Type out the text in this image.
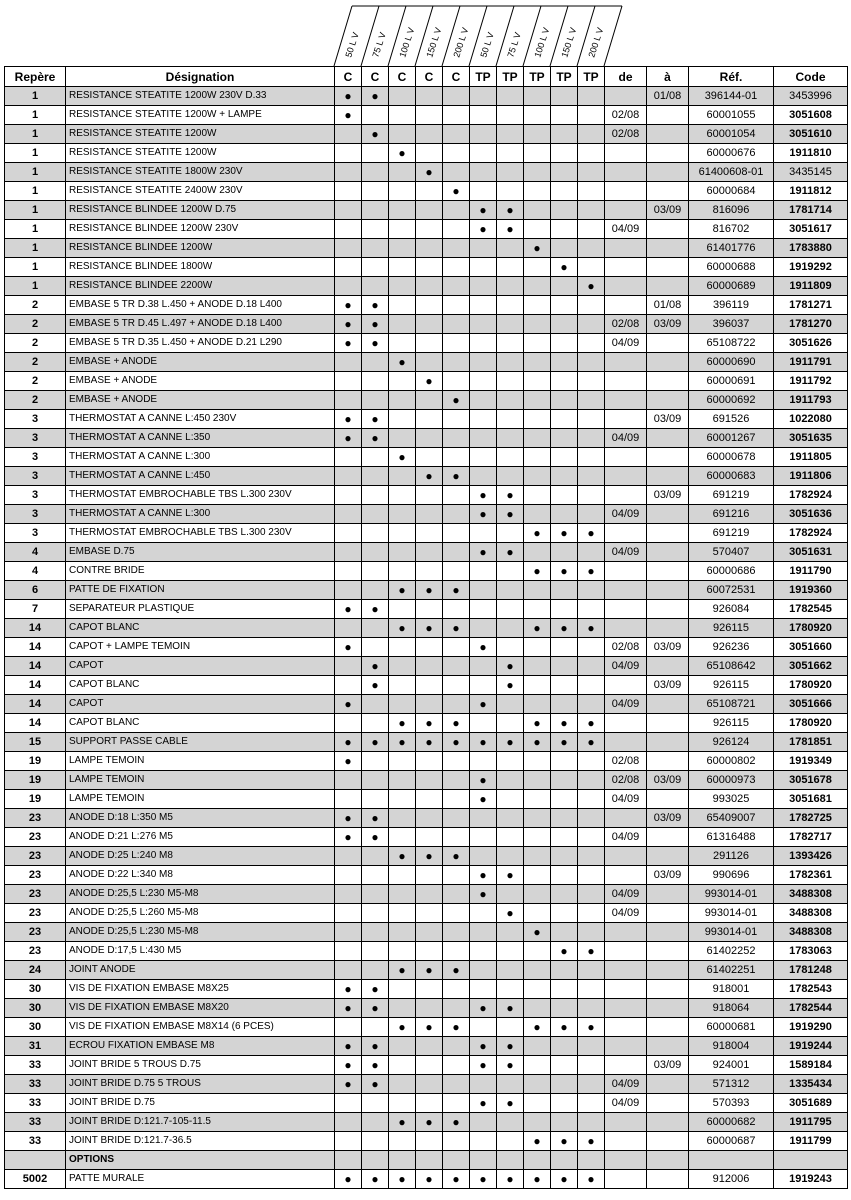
50 L V 75 L V 100 L V 150 L V 200 L V 50 L V 75 L V 100 L V 150 L V 200 L V
Repère	Désignation	C	C	C	C	C	TP	TP	TP	TP	TP	de	à	Réf.	Code
1	RESISTANCE STEATITE 1200W 230V D.33	●	●										01/08	396144-01	3453996
1	RESISTANCE STEATITE 1200W + LAMPE	●										02/08		60001055	3051608
1	RESISTANCE STEATITE 1200W		●									02/08		60001054	3051610
1	RESISTANCE STEATITE 1200W			●										60000676	1911810
1	RESISTANCE STEATITE 1800W 230V				●									61400608-01	3435145
1	RESISTANCE STEATITE 2400W 230V					●								60000684	1911812
1	RESISTANCE BLINDEE 1200W D.75						●	●					03/09	816096	1781714
1	RESISTANCE BLINDEE 1200W 230V						●	●				04/09		816702	3051617
1	RESISTANCE BLINDEE 1200W								●					61401776	1783880
1	RESISTANCE BLINDEE 1800W									●				60000688	1919292
1	RESISTANCE BLINDEE 2200W										●			60000689	1911809
2	EMBASE 5 TR D.38 L.450 + ANODE D.18 L400	●	●										01/08	396119	1781271
2	EMBASE 5 TR D.45 L.497 + ANODE D.18 L400	●	●									02/08	03/09	396037	1781270
2	EMBASE 5 TR D.35 L.450 + ANODE D.21 L290	●	●									04/09		65108722	3051626
2	EMBASE + ANODE			●										60000690	1911791
2	EMBASE + ANODE				●									60000691	1911792
2	EMBASE + ANODE					●								60000692	1911793
3	THERMOSTAT A CANNE L:450 230V	●	●										03/09	691526	1022080
3	THERMOSTAT A CANNE L:350	●	●									04/09		60001267	3051635
3	THERMOSTAT A CANNE L:300			●										60000678	1911805
3	THERMOSTAT A CANNE L:450				●	●								60000683	1911806
3	THERMOSTAT EMBROCHABLE TBS L.300 230V						●	●					03/09	691219	1782924
3	THERMOSTAT A CANNE L:300						●	●				04/09		691216	3051636
3	THERMOSTAT EMBROCHABLE TBS L.300 230V								●	●	●			691219	1782924
4	EMBASE D.75						●	●				04/09		570407	3051631
4	CONTRE BRIDE								●	●	●			60000686	1911790
6	PATTE DE FIXATION			●	●	●								60072531	1919360
7	SEPARATEUR PLASTIQUE	●	●											926084	1782545
14	CAPOT BLANC			●	●	●			●	●	●			926115	1780920
14	CAPOT + LAMPE TEMOIN	●					●					02/08	03/09	926236	3051660
14	CAPOT		●					●				04/09		65108642	3051662
14	CAPOT BLANC		●					●					03/09	926115	1780920
14	CAPOT	●					●					04/09		65108721	3051666
14	CAPOT BLANC			●	●	●			●	●	●			926115	1780920
15	SUPPORT PASSE CABLE	●	●	●	●	●	●	●	●	●	●			926124	1781851
19	LAMPE TEMOIN	●										02/08		60000802	1919349
19	LAMPE TEMOIN						●					02/08	03/09	60000973	3051678
19	LAMPE TEMOIN						●					04/09		993025	3051681
23	ANODE D:18 L:350 M5	●	●										03/09	65409007	1782725
23	ANODE D:21 L:276 M5	●	●									04/09		61316488	1782717
23	ANODE D:25 L:240 M8			●	●	●								291126	1393426
23	ANODE D:22 L:340 M8						●	●					03/09	990696	1782361
23	ANODE D:25,5 L:230 M5-M8						●					04/09		993014-01	3488308
23	ANODE D:25,5 L:260 M5-M8							●				04/09		993014-01	3488308
23	ANODE D:25,5 L:230 M5-M8								●					993014-01	3488308
23	ANODE D:17,5 L:430 M5									●	●			61402252	1783063
24	JOINT ANODE			●	●	●								61402251	1781248
30	VIS DE FIXATION EMBASE M8X25	●	●											918001	1782543
30	VIS DE FIXATION EMBASE M8X20	●	●				●	●						918064	1782544
30	VIS DE FIXATION EMBASE M8X14 (6 PCES)			●	●	●			●	●	●			60000681	1919290
31	ECROU FIXATION EMBASE M8	●	●				●	●						918004	1919244
33	JOINT BRIDE 5 TROUS D.75	●	●				●	●					03/09	924001	1589184
33	JOINT BRIDE D.75 5 TROUS	●	●									04/09		571312	1335434
33	JOINT BRIDE D.75						●	●				04/09		570393	3051689
33	JOINT BRIDE D:121.7-105-11.5			●	●	●								60000682	1911795
33	JOINT BRIDE D:121.7-36.5								●	●	●			60000687	1911799
	OPTIONS														
5002	PATTE MURALE	●	●	●	●	●	●	●	●	●	●			912006	1919243
